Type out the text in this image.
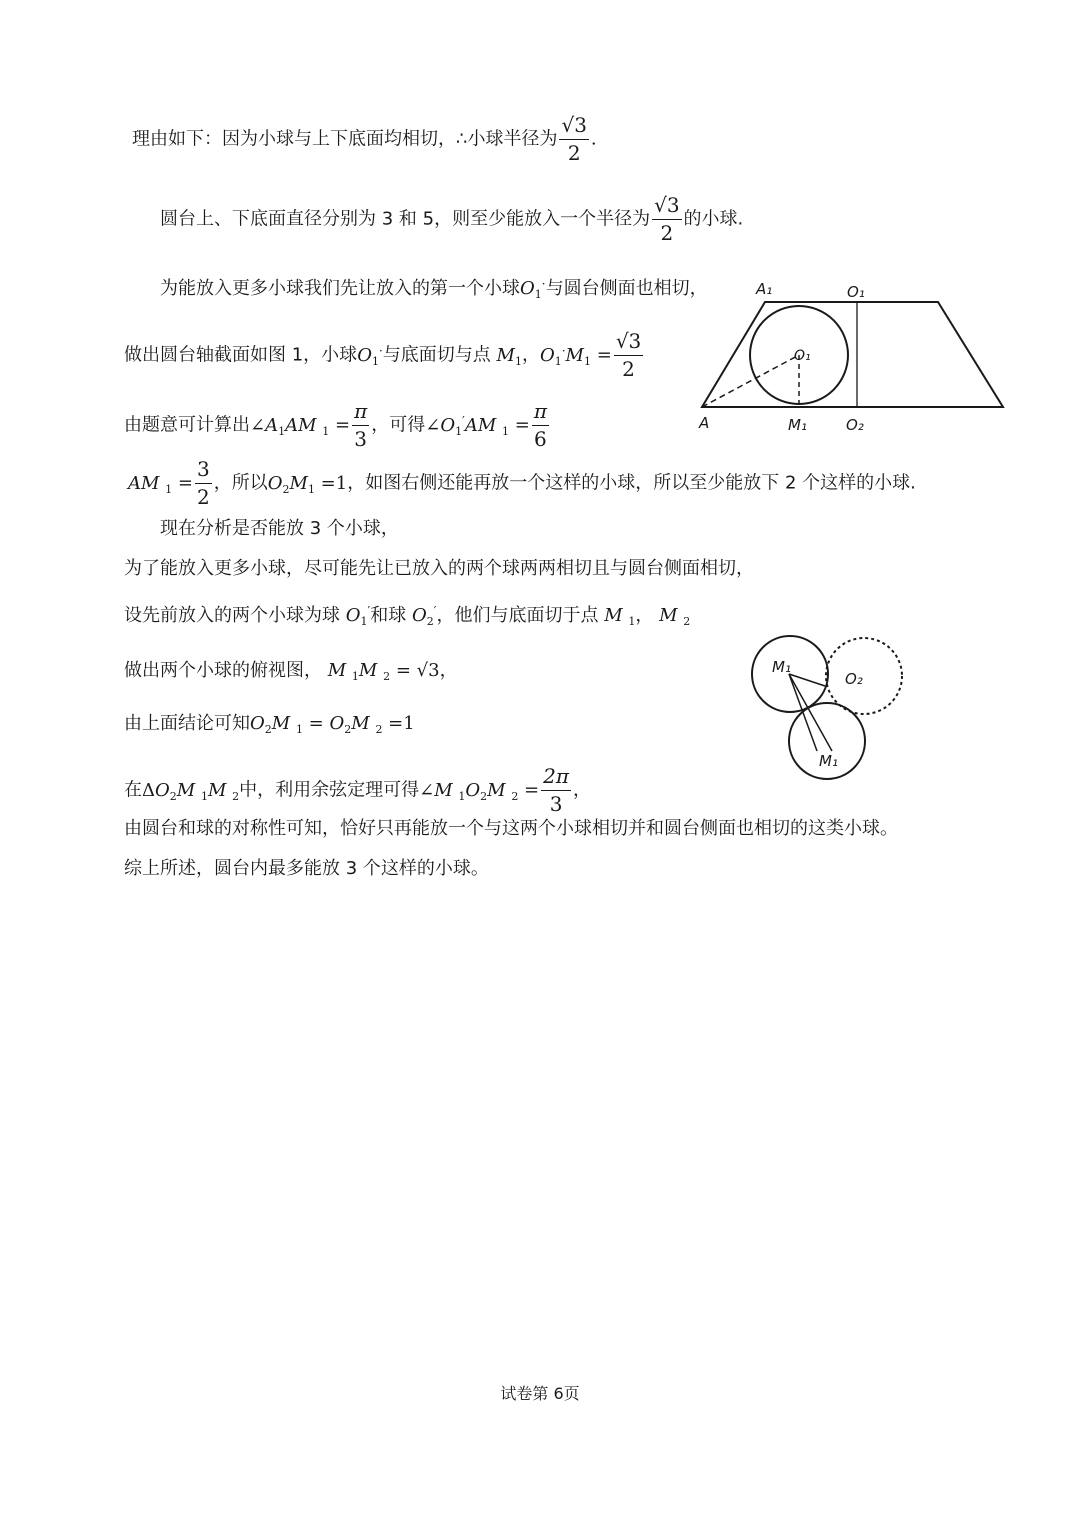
理由如下：因为小球与上下底面均相切，∴小球半径为 $\frac{√3}{2}$ .
圆台上、下底面直径分别为 3 和 5，则至少能放入一个半径为 $\frac{√3}{2}$ 的小球.
为能放入更多小球我们先让放入的第一个小球$O_1^\cdot$与圆台侧面也相切，
做出圆台轴截面如图 1，小球$O_1^\cdot$与底面切与点 $M_1$，$O_1^\cdot M_1 = \frac{√3}{2}$
由题意可计算出$\angle A_1AM$ $_1 = \frac{\pi}{3}$ ，可得$\angle O_1'AM$ $_1 = \frac{\pi}{6}$
AM $_1 = \frac{3}{2}$ ，所以$O_2M_1 =1$，如图右侧还能再放一个这样的小球，所以至少能放下 2 个这样的小球.
现在分析是否能放 3 个小球，
为了能放入更多小球，尽可能先让已放入的两个球两两相切且与圆台侧面相切，
设先前放入的两个小球为球 $O_1'$和球 $O_2'$，他们与底面切于点 M $_1$， M $_2$
做出两个小球的俯视图， M $_1$M $_2$ = √3，
由上面结论可知$O_2M$ $_1 = O_2M$ $_2$ =1
在$\Delta O_2M$ $_1$M $_2$中，利用余弦定理可得∠M $_1O_2M$ $_2 = \frac{2\pi}{3}$ ，
由圆台和球的对称性可知，恰好只再能放一个与这两个小球相切并和圆台侧面也相切的这类小球。
综上所述，圆台内最多能放 3 个这样的小球。
A₁	O₁
O₁
A	M₁	O₂
M₁
O₂
M₁
试卷第 6页
